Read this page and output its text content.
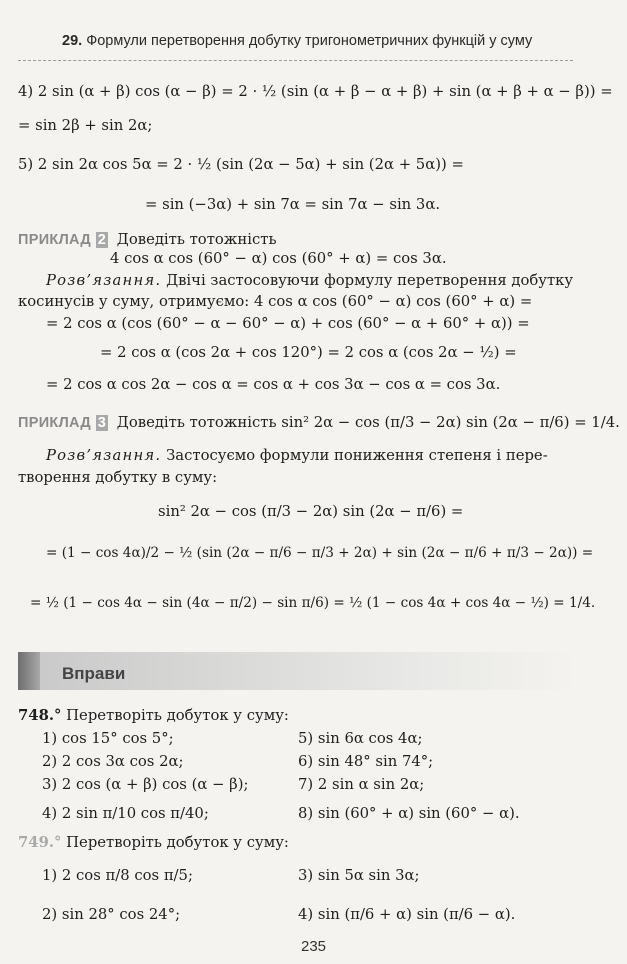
29. Формули перетворення добутку тригонометричних функцій у суму
4) 2 sin (α + β) cos (α − β) = 2 · ½ (sin (α + β − α + β) + sin (α + β + α − β)) =
= sin 2β + sin 2α;
5) 2 sin 2α cos 5α = 2 · ½ (sin (2α − 5α) + sin (2α + 5α)) =
= sin (−3α) + sin 7α = sin 7α − sin 3α.
ПРИКЛАД 2 Доведіть тотожність
4 cos α cos (60° − α) cos (60° + α) = cos 3α.
Розв’язання. Двічі застосовуючи формулу перетворення добутку
косинусів у суму, отримуємо: 4 cos α cos (60° − α) cos (60° + α) =
= 2 cos α (cos (60° − α − 60° − α) + cos (60° − α + 60° + α)) =
= 2 cos α (cos 2α + cos 120°) = 2 cos α (cos 2α − ½) =
= 2 cos α cos 2α − cos α = cos α + cos 3α − cos α = cos 3α.
ПРИКЛАД 3 Доведіть тотожність sin² 2α − cos (π/3 − 2α) sin (2α − π/6) = 1/4.
Розв’язання. Застосуємо формули пониження степеня і пере-
творення добутку в суму:
sin² 2α − cos (π/3 − 2α) sin (2α − π/6) =
= (1 − cos 4α)/2 − ½ (sin (2α − π/6 − π/3 + 2α) + sin (2α − π/6 + π/3 − 2α)) =
= ½ (1 − cos 4α − sin (4α − π/2) − sin π/6) = ½ (1 − cos 4α + cos 4α − ½) = 1/4.
Вправи
748.° Перетворіть добуток у суму:
1) cos 15° cos 5°;	5) sin 6α cos 4α;
2) 2 cos 3α cos 2α;	6) sin 48° sin 74°;
3) 2 cos (α + β) cos (α − β);	7) 2 sin α sin 2α;
4) 2 sin π/10 cos π/40;	8) sin (60° + α) sin (60° − α).
749.° Перетворіть добуток у суму:
1) 2 cos π/8 cos π/5;	3) sin 5α sin 3α;
2) sin 28° cos 24°;	4) sin (π/6 + α) sin (π/6 − α).
235
